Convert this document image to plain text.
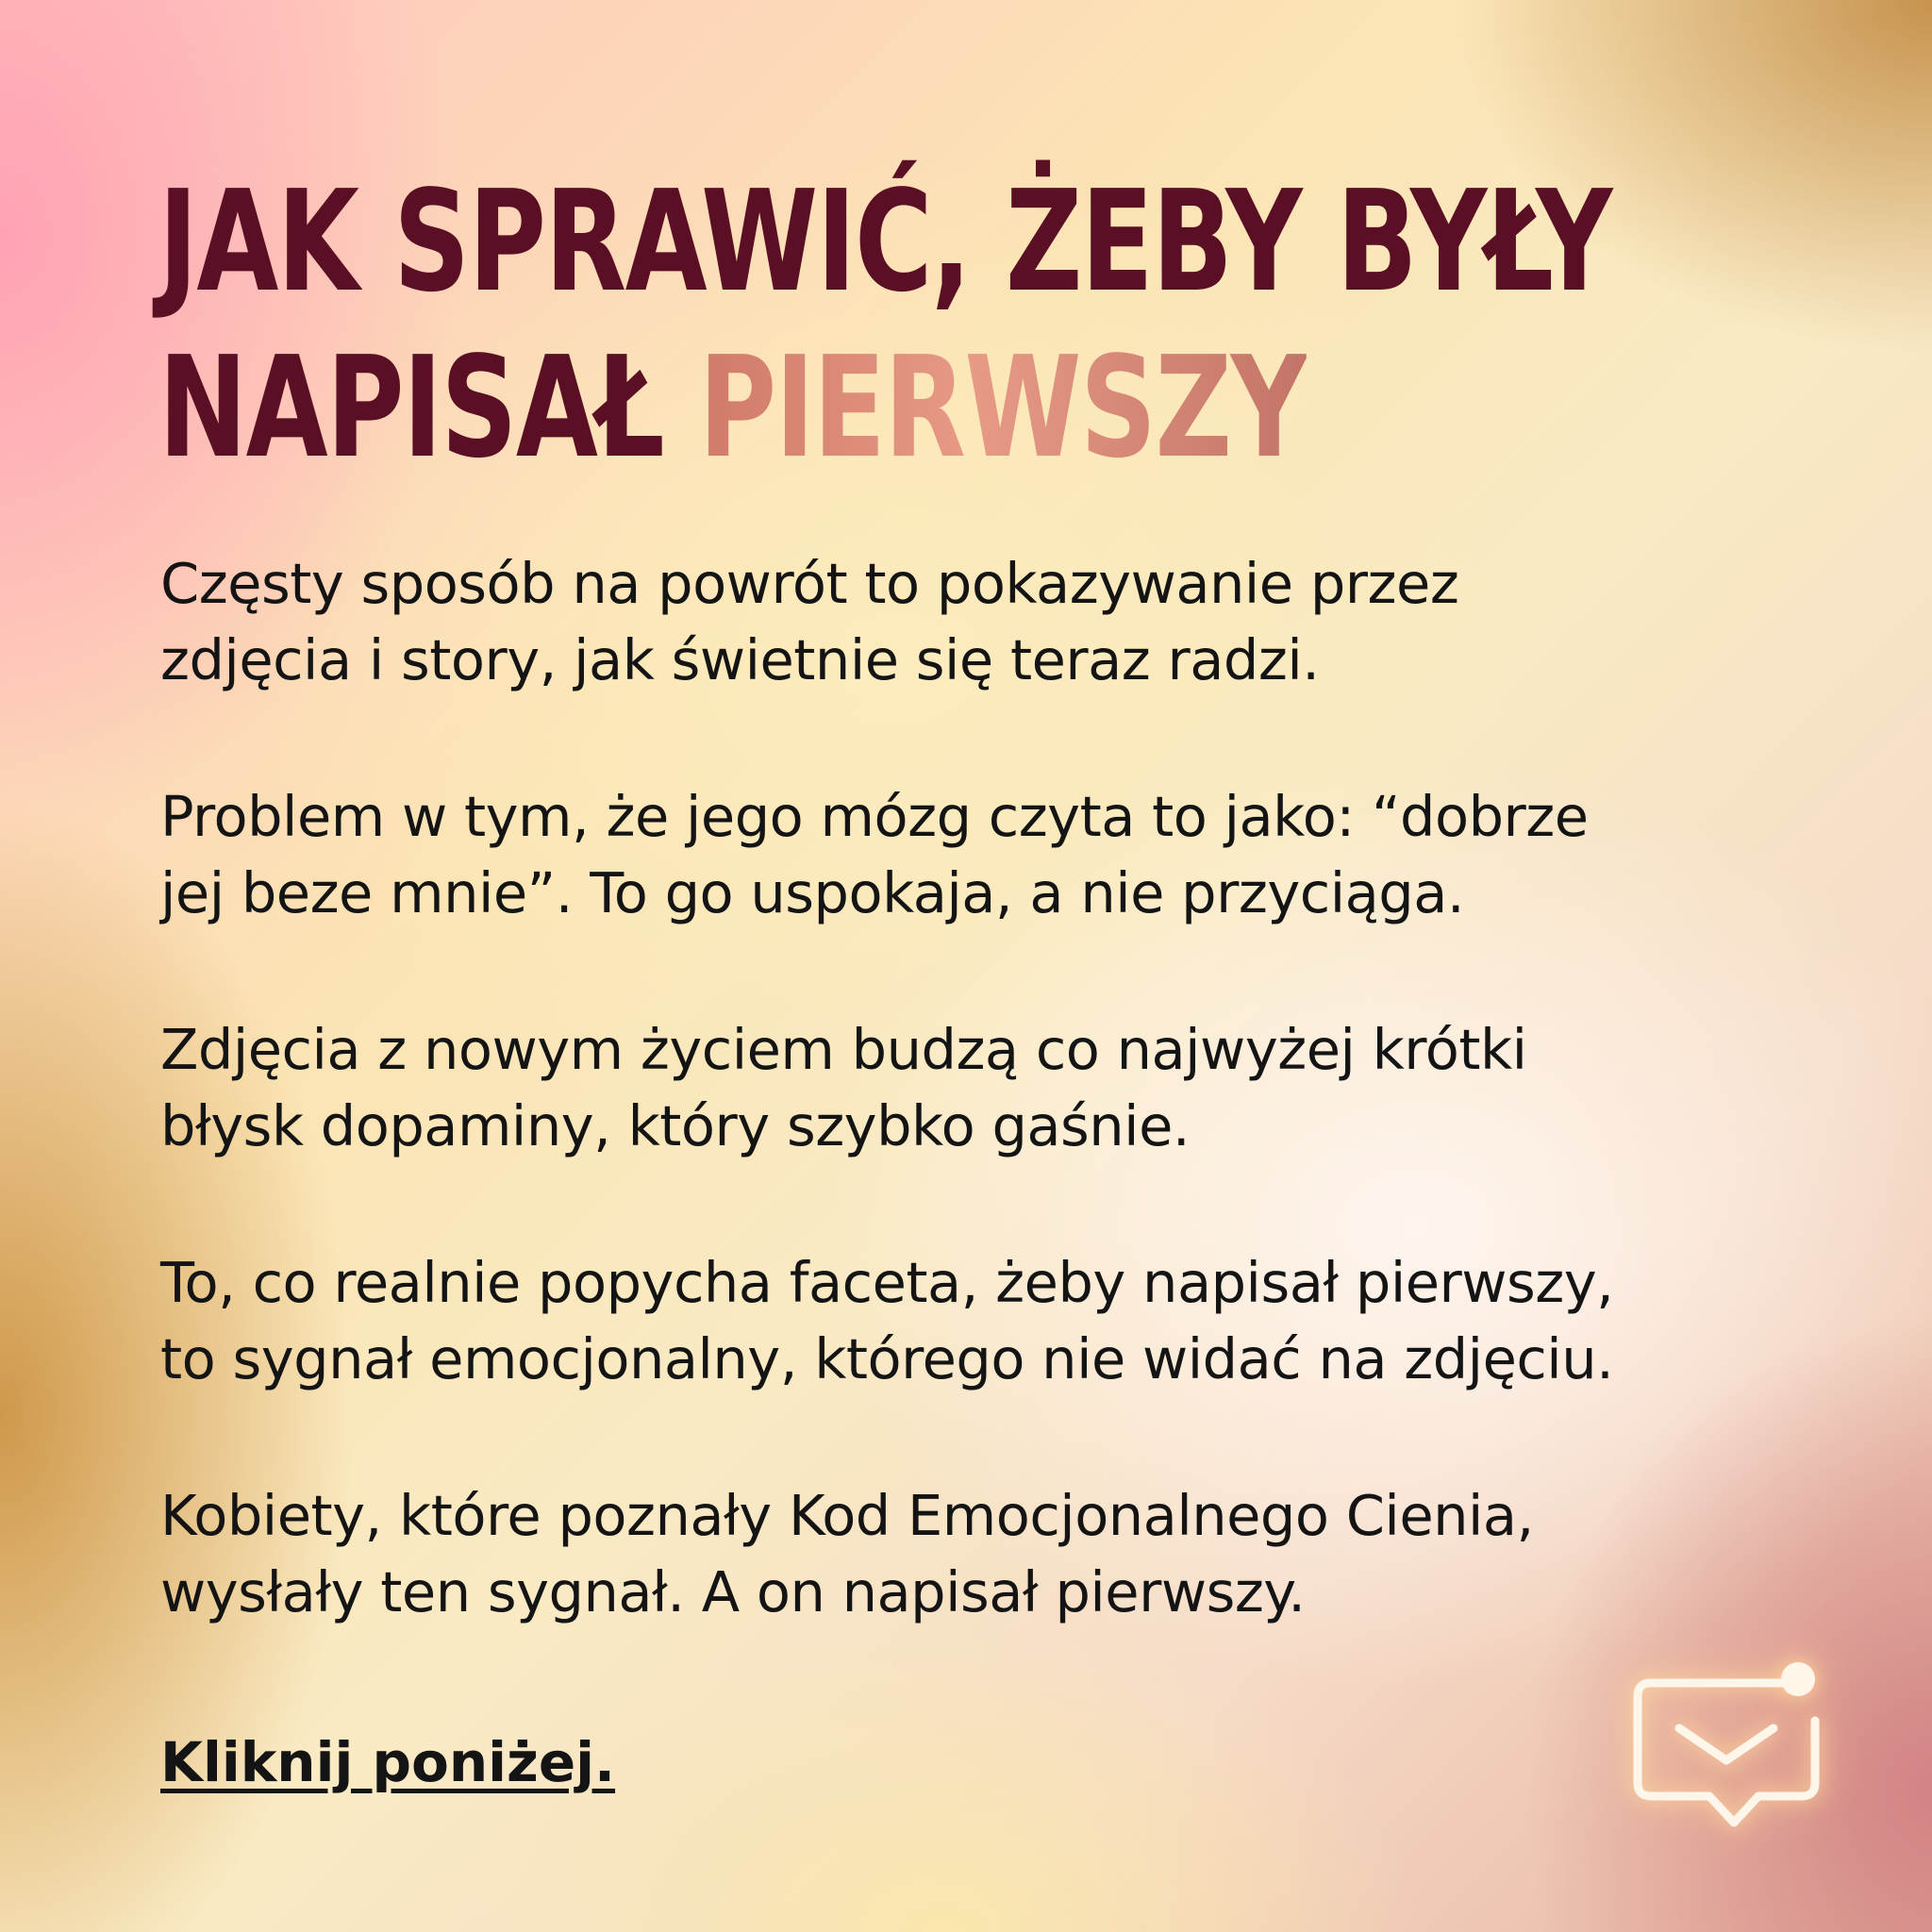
JAK SPRAWIĆ, ŻEBY BYŁY
NAPISAŁ PIERWSZY

Częsty sposób na powrót to pokazywanie przez
zdjęcia i story, jak świetnie się teraz radzi.

Problem w tym, że jego mózg czyta to jako: “dobrze
jej beze mnie”. To go uspokaja, a nie przyciąga.

Zdjęcia z nowym życiem budzą co najwyżej krótki
błysk dopaminy, który szybko gaśnie.

To, co realnie popycha faceta, żeby napisał pierwszy,
to sygnał emocjonalny, którego nie widać na zdjęciu.

Kobiety, które poznały Kod Emocjonalnego Cienia,
wysłały ten sygnał. A on napisał pierwszy.

Kliknij poniżej.
